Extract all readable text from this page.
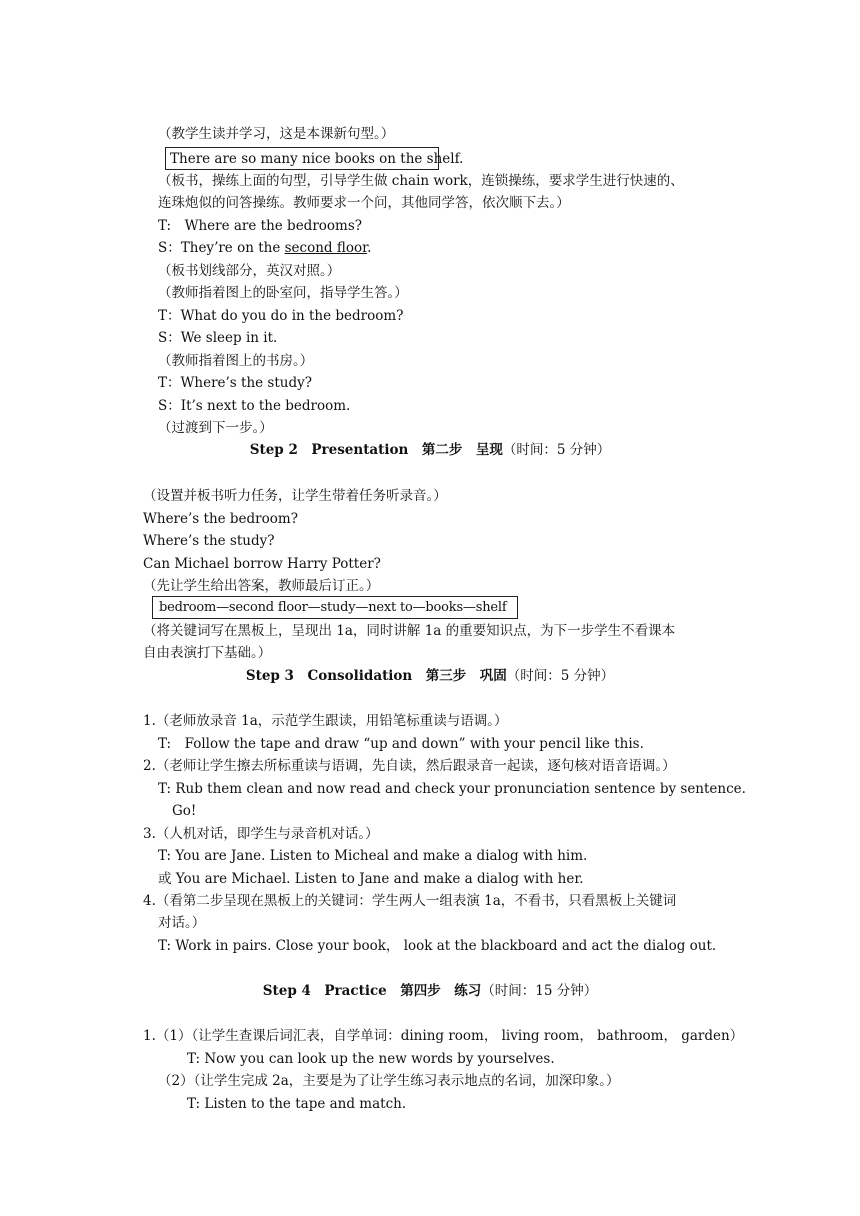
（教学生读并学习，这是本课新句型。）
There are so many nice books on the shelf.
（板书，操练上面的句型，引导学生做 chain work，连锁操练，要求学生进行快速的、
连珠炮似的问答操练。教师要求一个问，其他同学答，依次顺下去。）
T:　Where are the bedrooms?
S：They’re on the second floor.
（板书划线部分，英汉对照。）
（教师指着图上的卧室问，指导学生答。）
T：What do you do in the bedroom?
S：We sleep in it.
（教师指着图上的书房。）
T：Where’s the study?
S：It’s next to the bedroom.
（过渡到下一步。）
Step 2　Presentation　第二步　呈现（时间：5 分钟）
（设置并板书听力任务，让学生带着任务听录音。）
Where’s the bedroom?
Where’s the study?
Can Michael borrow Harry Potter?
（先让学生给出答案，教师最后订正。）
bedroom—second floor—study—next to—books—shelf
（将关键词写在黑板上，呈现出 1a，同时讲解 1a 的重要知识点，为下一步学生不看课本
自由表演打下基础。）
Step 3　Consolidation　第三步　巩固（时间：5 分钟）
1.（老师放录音 1a，示范学生跟读，用铅笔标重读与语调。）
T:　Follow the tape and draw “up and down” with your pencil like this.
2.（老师让学生擦去所标重读与语调，先自读，然后跟录音一起读，逐句核对语音语调。）
T: Rub them clean and now read and check your pronunciation sentence by sentence.
Go!
3.（人机对话，即学生与录音机对话。）
T: You are Jane. Listen to Micheal and make a dialog with him.
或 You are Michael. Listen to Jane and make a dialog with her.
4.（看第二步呈现在黑板上的关键词：学生两人一组表演 1a，不看书，只看黑板上关键词
对话。）
T: Work in pairs. Close your book， look at the blackboard and act the dialog out.
Step 4　Practice　第四步　练习（时间：15 分钟）
1.（1）（让学生查课后词汇表，自学单词：dining room， living room， bathroom， garden）
T: Now you can look up the new words by yourselves.
（2）（让学生完成 2a，主要是为了让学生练习表示地点的名词，加深印象。）
T: Listen to the tape and match.
